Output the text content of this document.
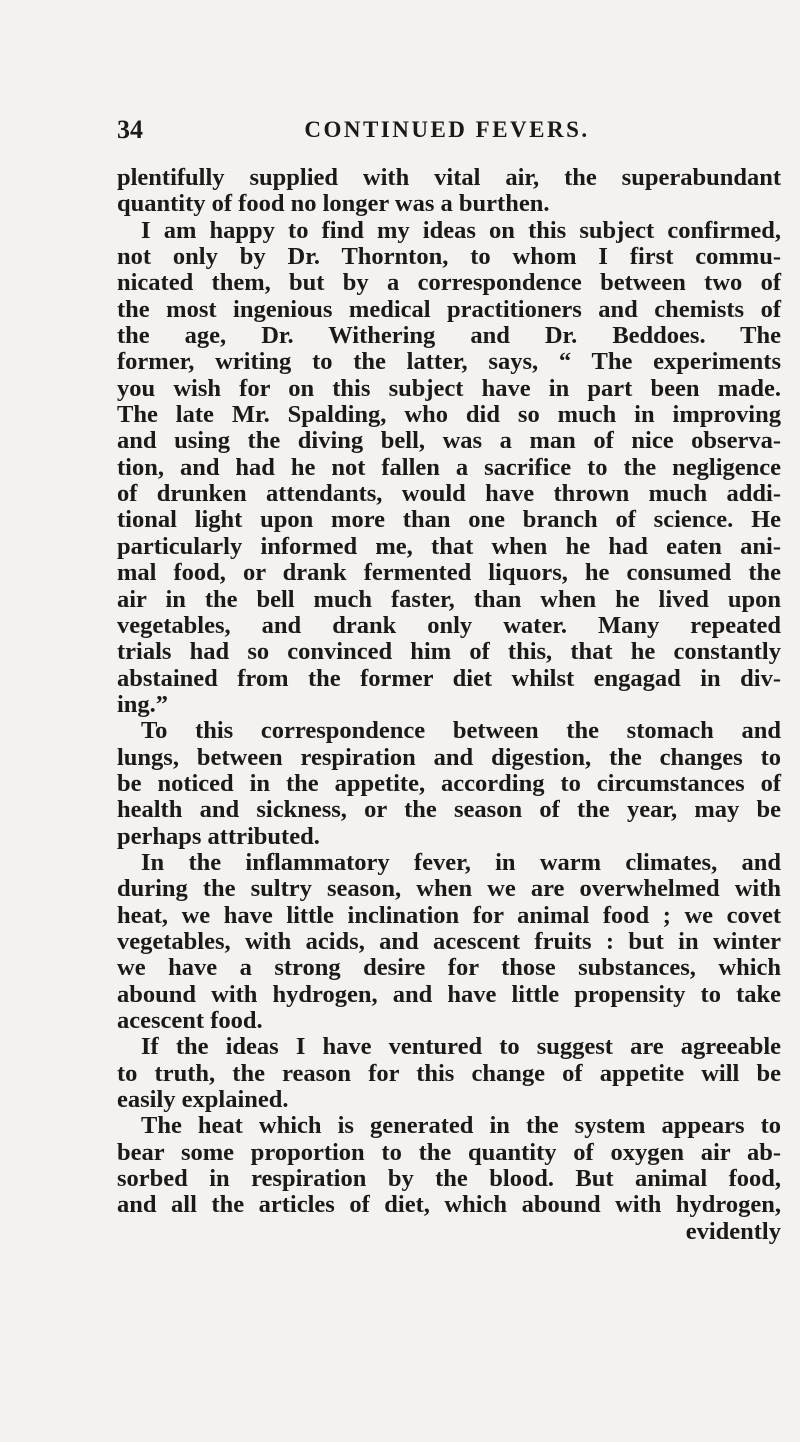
34	CONTINUED FEVERS.
plentifully supplied with vital air, the superabundant
quantity of food no longer was a burthen.
I am happy to find my ideas on this subject confirmed,
not only by Dr. Thornton, to whom I first commu-
nicated them, but by a correspondence between two of
the most ingenious medical practitioners and chemists of
the age, Dr. Withering and Dr. Beddoes. The
former, writing to the latter, says, “ The experiments
you wish for on this subject have in part been made.
The late Mr. Spalding, who did so much in improving
and using the diving bell, was a man of nice observa-
tion, and had he not fallen a sacrifice to the negligence
of drunken attendants, would have thrown much addi-
tional light upon more than one branch of science. He
particularly informed me, that when he had eaten ani-
mal food, or drank fermented liquors, he consumed the
air in the bell much faster, than when he lived upon
vegetables, and drank only water. Many repeated
trials had so convinced him of this, that he constantly
abstained from the former diet whilst engagad in div-
ing.”
To this correspondence between the stomach and
lungs, between respiration and digestion, the changes to
be noticed in the appetite, according to circumstances of
health and sickness, or the season of the year, may be
perhaps attributed.
In the inflammatory fever, in warm climates, and
during the sultry season, when we are overwhelmed with
heat, we have little inclination for animal food ; we covet
vegetables, with acids, and acescent fruits : but in winter
we have a strong desire for those substances, which
abound with hydrogen, and have little propensity to take
acescent food.
If the ideas I have ventured to suggest are agreeable
to truth, the reason for this change of appetite will be
easily explained.
The heat which is generated in the system appears to
bear some proportion to the quantity of oxygen air ab-
sorbed in respiration by the blood. But animal food,
and all the articles of diet, which abound with hydrogen,
evidently
